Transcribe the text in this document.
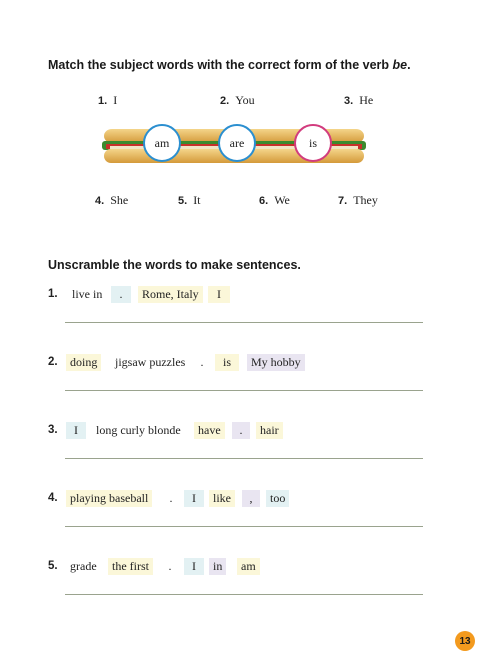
Match the subject words with the correct form of the verb be.
1. I	2. You	3. He
am	are	is
4. She	5. It	6. We	7. They
Unscramble the words to make sentences.
1.	live in	.	Rome, Italy	I
2.	doing	jigsaw puzzles	.	is	My hobby
3.	I	long curly blonde	have	.	hair
4.	playing baseball	.	I	like	,	too
5.	grade	the first	.	I	in	am
13
